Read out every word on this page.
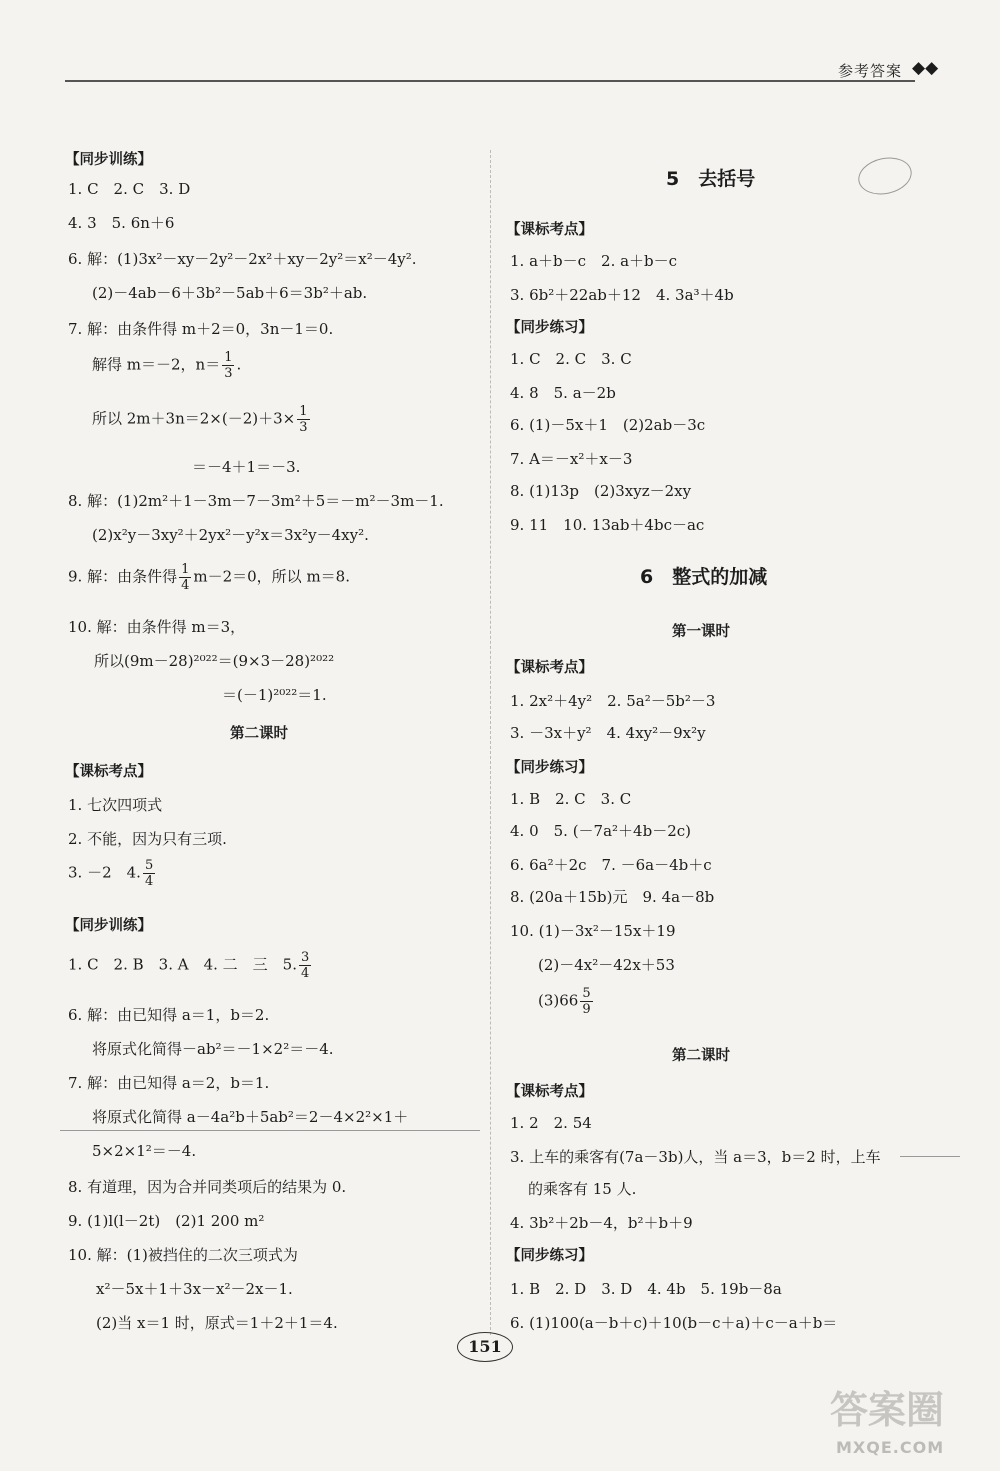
参考答案 ◆◆
【同步训练】
1. C　2. C　3. D
4. 3　5. 6n＋6
6. 解：(1)3x²－xy－2y²－2x²＋xy－2y²＝x²－4y².
(2)－4ab－6＋3b²－5ab＋6＝3b²＋ab.
7. 解：由条件得 m＋2＝0，3n－1＝0.
解得 m＝－2，$n= \frac{1}{3}$ .
所以 $2m+3n=2\times(-2)+3\times \frac{1}{3}$
＝－4＋1＝－3.
8. 解：(1)2m²＋1－3m－7－3m²＋5＝－m²－3m－1.
(2)x²y－3xy²＋2yx²－y²x＝3x²y－4xy².
9. 解：由条件得 $\frac{1}{4} m-2=0$，所以 m＝8.
10. 解：由条件得 m＝3，
所以(9m－28)²⁰²²＝(9×3－28)²⁰²²
＝(－1)²⁰²²＝1.
第二课时
【课标考点】
1. 七次四项式
2. 不能，因为只有三项.
3. －2　4. $\frac{5}{4}$
【同步训练】
1. C　2. B　3. A　4. 二　三　5. $\frac{3}{4}$
6. 解：由已知得 a＝1，b＝2.
将原式化简得－ab²＝－1×2²＝－4.
7. 解：由已知得 a＝2，b＝1.
将原式化简得 a－4a²b＋5ab²＝2－4×2²×1＋
5×2×1²＝－4.
8. 有道理，因为合并同类项后的结果为 0.
9. (1)l(l－2t)　(2)1 200 m²
10. 解：(1)被挡住的二次三项式为
x²－5x＋1＋3x－x²－2x－1.
(2)当 x＝1 时，原式＝1＋2＋1＝4.
5　去括号
【课标考点】
1. a＋b－c　2. a＋b－c
3. 6b²＋22ab＋12　4. 3a³＋4b
【同步练习】
1. C　2. C　3. C
4. 8　5. a－2b
6. (1)－5x＋1　(2)2ab－3c
7. A＝－x²＋x－3
8. (1)13p　(2)3xyz－2xy
9. 11　10. 13ab＋4bc－ac
6　整式的加减
第一课时
【课标考点】
1. 2x²＋4y²　2. 5a²－5b²－3
3. －3x＋y²　4. 4xy²－9x²y
【同步练习】
1. B　2. C　3. C
4. 0　5. (－7a²＋4b－2c)
6. 6a²＋2c　7. －6a－4b＋c
8. (20a＋15b)元　9. 4a－8b
10. (1)－3x²－15x＋19
(2)－4x²－42x＋53
$(3)66 \frac{5}{9}$
第二课时
【课标考点】
1. 2　2. 54
3. 上车的乘客有(7a－3b)人，当 a＝3，b＝2 时，上车
的乘客有 15 人.
4. 3b²＋2b－4，b²＋b＋9
【同步练习】
1. B　2. D　3. D　4. 4b　5. 19b－8a
6. (1)100(a－b＋c)＋10(b－c＋a)＋c－a＋b＝
151
答案圈
MXQE.COM
